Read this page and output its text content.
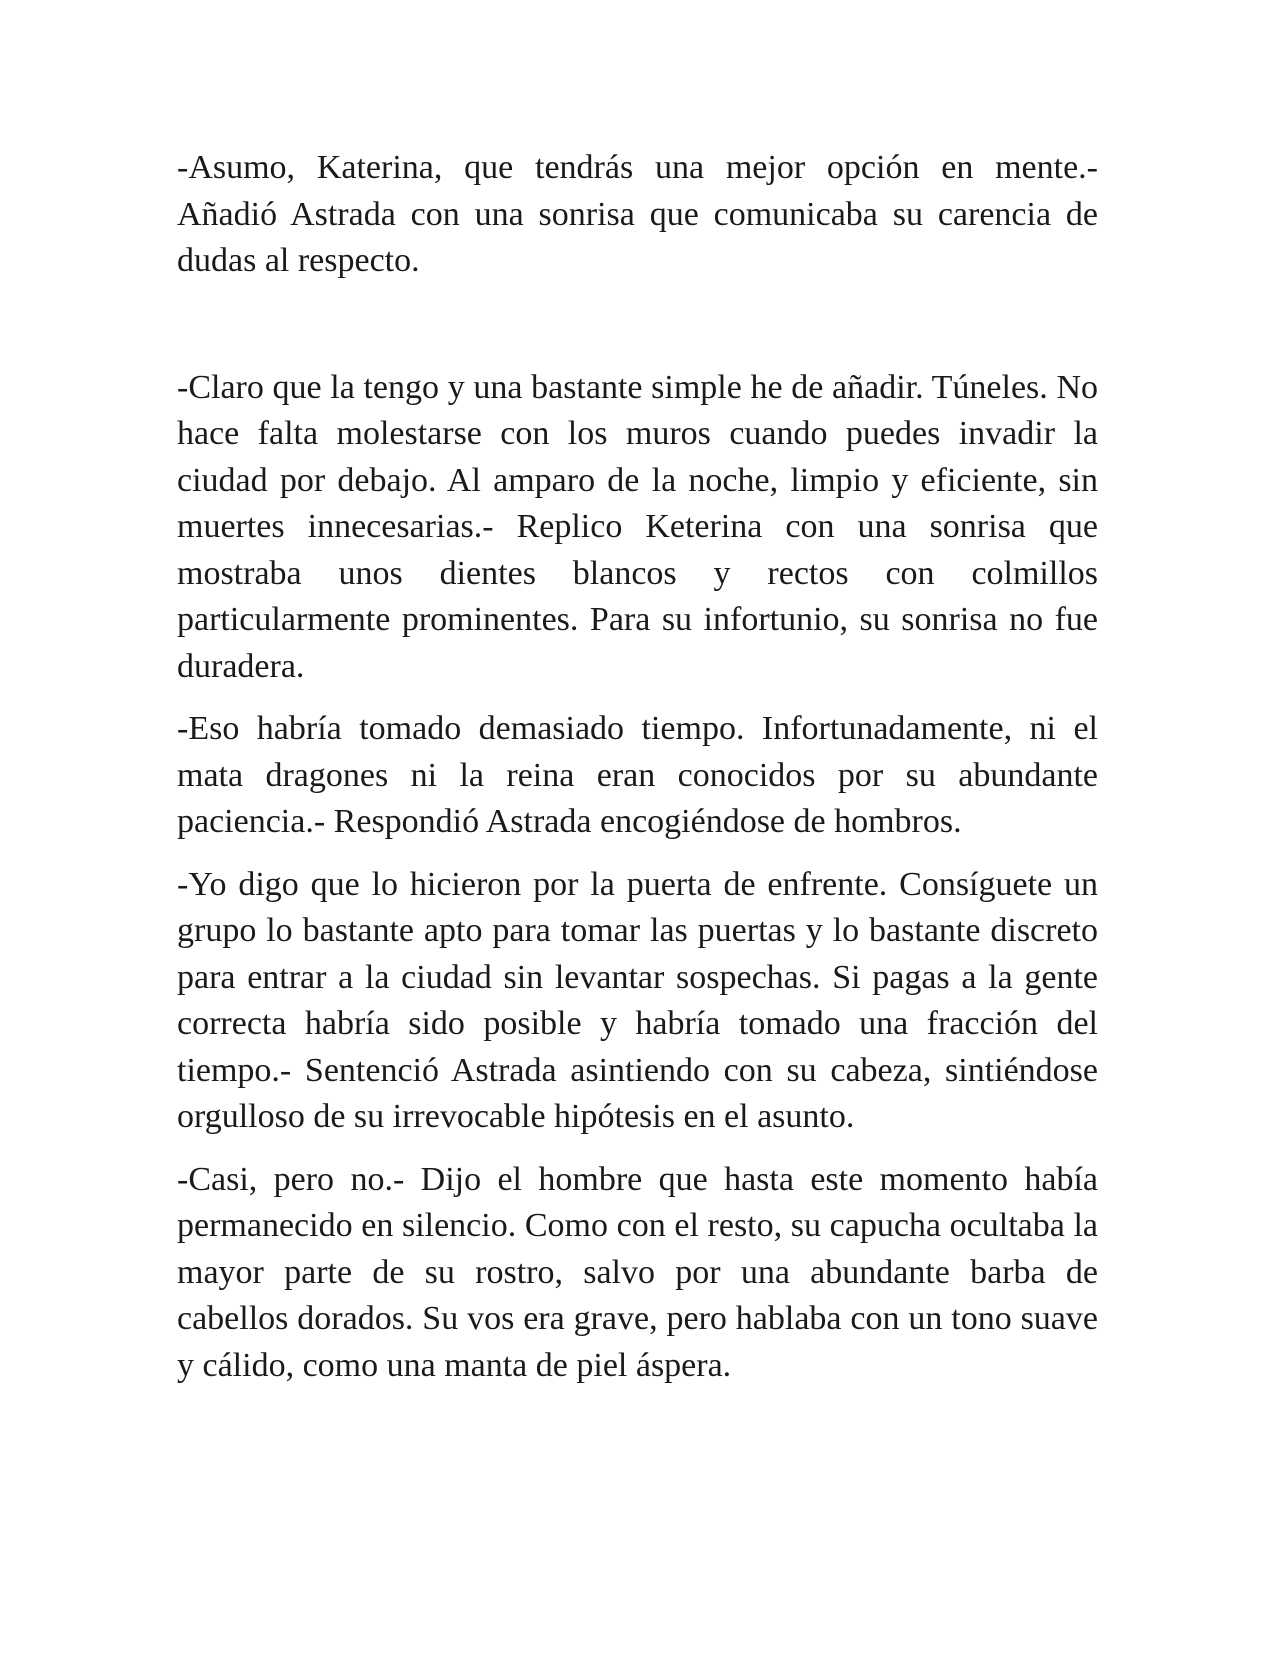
-Asumo, Katerina, que tendrás una mejor opción en mente.- Añadió Astrada con una sonrisa que comunicaba su carencia de dudas al respecto.

-Claro que la tengo y una bastante simple he de añadir. Túneles. No hace falta molestarse con los muros cuando puedes invadir la ciudad por debajo. Al amparo de la noche, limpio y eficiente, sin muertes innecesarias.- Replico Keterina con una sonrisa que mostraba unos dientes blancos y rectos con colmillos particularmente prominentes. Para su infortunio, su sonrisa no fue duradera.

-Eso habría tomado demasiado tiempo. Infortunadamente, ni el mata dragones ni la reina eran conocidos por su abundante paciencia.- Respondió Astrada encogiéndose de hombros.

-Yo digo que lo hicieron por la puerta de enfrente. Consíguete un grupo lo bastante apto para tomar las puertas y lo bastante discreto para entrar a la ciudad sin levantar sospechas. Si pagas a la gente correcta habría sido posible y habría tomado una fracción del tiempo.- Sentenció Astrada asintiendo con su cabeza, sintiéndose orgulloso de su irrevocable hipótesis en el asunto.

-Casi, pero no.- Dijo el hombre que hasta este momento había permanecido en silencio. Como con el resto, su capucha ocultaba la mayor parte de su rostro, salvo por una abundante barba de cabellos dorados. Su vos era grave, pero hablaba con un tono suave y cálido, como una manta de piel áspera.
